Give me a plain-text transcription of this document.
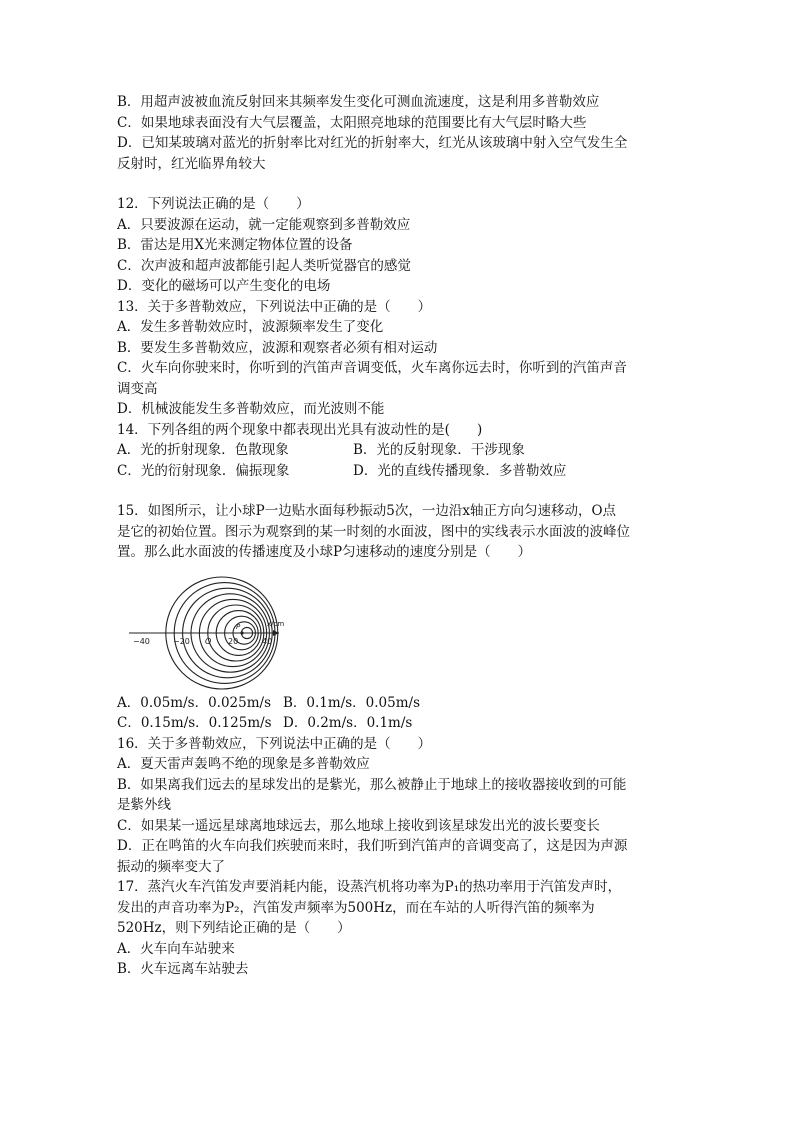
B．用超声波被血流反射回来其频率发生变化可测血流速度，这是利用多普勒效应
C．如果地球表面没有大气层覆盖，太阳照亮地球的范围要比有大气层时略大些
D．已知某玻璃对蓝光的折射率比对红光的折射率大，红光从该玻璃中射入空气发生全
反射时，红光临界角较大
12．下列说法正确的是（　　）
A．只要波源在运动，就一定能观察到多普勒效应
B．雷达是用X光来测定物体位置的设备
C．次声波和超声波都能引起人类听觉器官的感觉
D．变化的磁场可以产生变化的电场
13．关于多普勒效应，下列说法中正确的是（　　）
A．发生多普勒效应时，波源频率发生了变化
B．要发生多普勒效应，波源和观察者必须有相对运动
C．火车向你驶来时，你听到的汽笛声音调变低，火车离你远去时，你听到的汽笛声音
调变高
D．机械波能发生多普勒效应，而光波则不能
14．下列各组的两个现象中都表现出光具有波动性的是(　　)
A．光的折射现象．色散现象	B．光的反射现象．干涉现象
C．光的衍射现象．偏振现象	D．光的直线传播现象．多普勒效应
15．如图所示，让小球P一边贴水面每秒振动5次，一边沿x轴正方向匀速移动，O点
是它的初始位置。图示为观察到的某一时刻的水面波，图中的实线表示水面波的波峰位
置。那么此水面波的传播速度及小球P匀速移动的速度分别是（　　）
x/cm
−40	−20 O 20	40
P
A．0.05m/s．0.025m/s B．0.1m/s．0.05m/s
C．0.15m/s．0.125m/s D．0.2m/s．0.1m/s
16．关于多普勒效应，下列说法中正确的是（　　）
A．夏天雷声轰鸣不绝的现象是多普勒效应
B．如果离我们远去的星球发出的是紫光，那么被静止于地球上的接收器接收到的可能
是紫外线
C．如果某一遥远星球离地球远去，那么地球上接收到该星球发出光的波长要变长
D．正在鸣笛的火车向我们疾驶而来时，我们听到汽笛声的音调变高了，这是因为声源
振动的频率变大了
17．蒸汽火车汽笛发声要消耗内能，设蒸汽机将功率为P₁的热功率用于汽笛发声时，
发出的声音功率为P₂，汽笛发声频率为500Hz，而在车站的人听得汽笛的频率为
520Hz，则下列结论正确的是（　　）
A．火车向车站驶来
B．火车远离车站驶去
